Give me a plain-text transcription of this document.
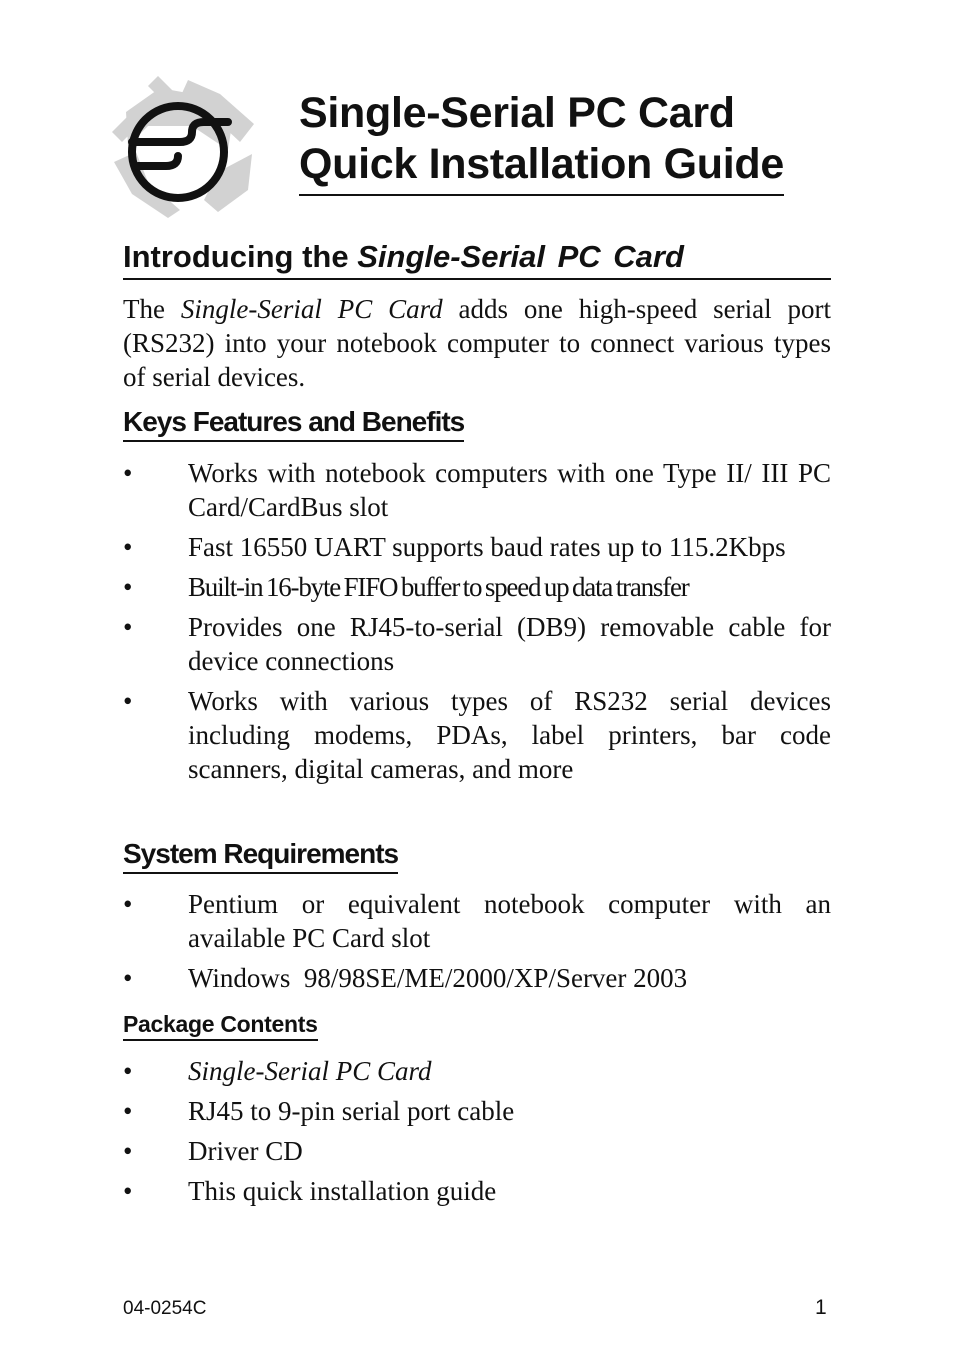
Single-Serial PC Card
Quick Installation Guide
Introducing the Single-Serial PC Card
The Single-Serial PC Card adds one high-speed serial port (RS232) into your notebook computer to connect various types of serial devices.
Keys Features and Benefits
• Works with notebook computers with one Type II/ III PC Card/CardBus slot
• Fast 16550 UART supports baud rates up to 115.2Kbps
• Built-in 16-byte FIFO buffer to speed up data transfer
• Provides one RJ45-to-serial (DB9) removable cable for device connections
• Works with various types of RS232 serial devices including modems, PDAs, label printers, bar code scanners, digital cameras, and more
System Requirements
• Pentium or equivalent notebook computer with an available PC Card slot
• Windows  98/98SE/ME/2000/XP/Server 2003
Package Contents
• Single-Serial PC Card
• RJ45 to 9-pin serial port cable
• Driver CD
• This quick installation guide
04-0254C	1
